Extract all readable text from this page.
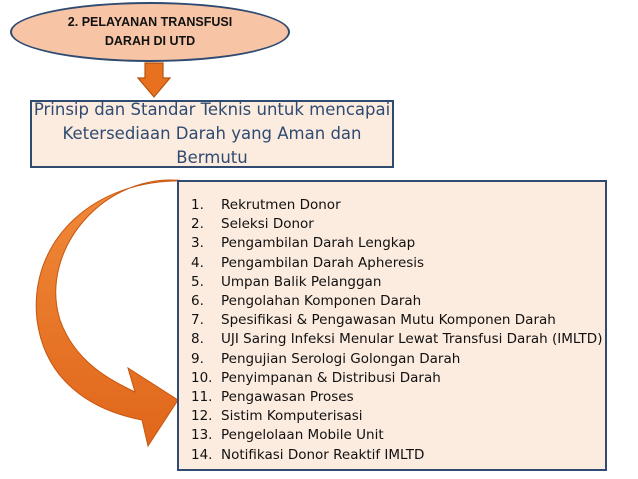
2. PELAYANAN TRANSFUSI
DARAH DI UTD
Prinsip dan Standar Teknis untuk mencapai
Ketersediaan Darah yang Aman dan Bermutu
1.	Rekrutmen Donor
2.	Seleksi Donor
3.	Pengambilan Darah Lengkap
4.	Pengambilan Darah Apheresis
5.	Umpan Balik Pelanggan
6.	Pengolahan Komponen Darah
7.	Spesifikasi & Pengawasan Mutu Komponen Darah
8.	UJI Saring Infeksi Menular Lewat Transfusi Darah (IMLTD)
9.	Pengujian Serologi Golongan Darah
10. Penyimpanan & Distribusi Darah
11. Pengawasan Proses
12. Sistim Komputerisasi
13. Pengelolaan Mobile Unit
14. Notifikasi Donor Reaktif IMLTD
